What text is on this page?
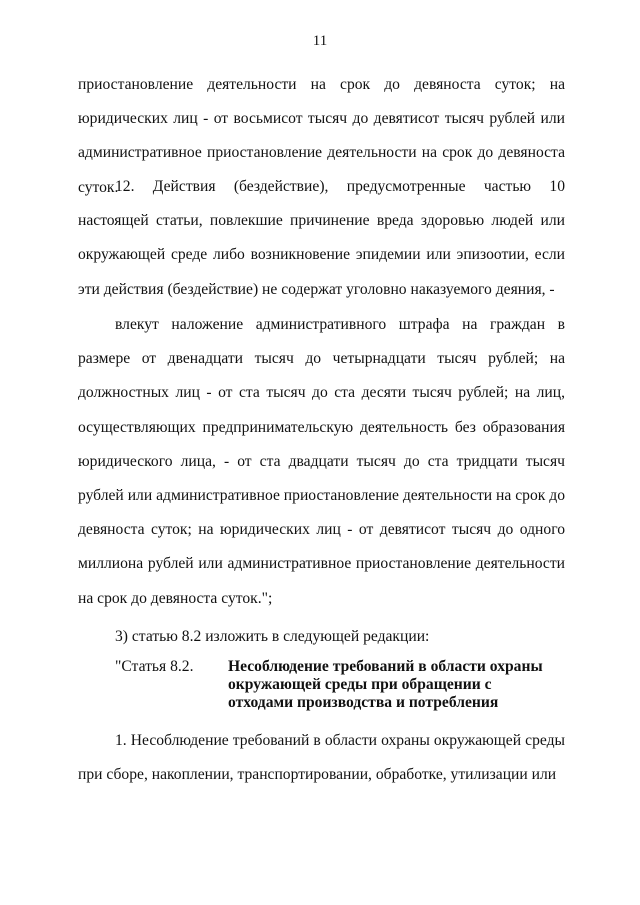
11

приостановление деятельности на срок до девяноста суток; на юридических лиц - от восьмисот тысяч до девятисот тысяч рублей или административное приостановление деятельности на срок до девяноста суток.

12. Действия (бездействие), предусмотренные частью 10 настоящей статьи, повлекшие причинение вреда здоровью людей или окружающей среде либо возникновение эпидемии или эпизоотии, если эти действия (бездействие) не содержат уголовно наказуемого деяния, -

влекут наложение административного штрафа на граждан в размере от двенадцати тысяч до четырнадцати тысяч рублей; на должностных лиц - от ста тысяч до ста десяти тысяч рублей; на лиц, осуществляющих предпринимательскую деятельность без образования юридического лица, - от ста двадцати тысяч до ста тридцати тысяч рублей или административное приостановление деятельности на срок до девяноста суток; на юридических лиц - от девятисот тысяч до одного миллиона рублей или административное приостановление деятельности на срок до девяноста суток.";

3) статью 8.2 изложить в следующей редакции:

"Статья 8.2. Несоблюдение требований в области охраны окружающей среды при обращении с отходами производства и потребления

1. Несоблюдение требований в области охраны окружающей среды при сборе, накоплении, транспортировании, обработке, утилизации или
